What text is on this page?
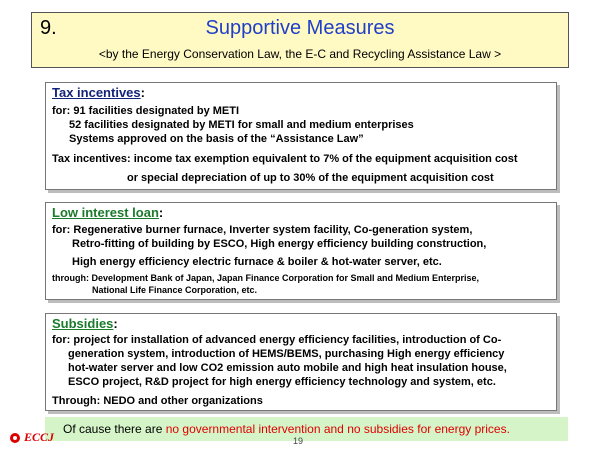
9.	Supportive Measures
<by the Energy Conservation Law, the E-C and Recycling Assistance Law >
Tax incentives:
for: 91 facilities designated by METI
52 facilities designated by METI for small and medium enterprises
Systems approved on the basis of the “Assistance Law”
Tax incentives: income tax exemption equivalent to 7% of the equipment acquisition cost
or special depreciation of up to 30% of the equipment acquisition cost
Low interest loan:
for: Regenerative burner furnace, Inverter system facility, Co-generation system,
Retro-fitting of building by ESCO, High energy efficiency building construction,
High energy efficiency electric furnace & boiler & hot-water server, etc.
through: Development Bank of Japan, Japan Finance Corporation for Small and Medium Enterprise,
National Life Finance Corporation, etc.
Subsidies:
for: project for installation of advanced energy efficiency facilities, introduction of Co-
generation system, introduction of HEMS/BEMS, purchasing High energy efficiency
hot-water server and low CO2 emission auto mobile and high heat insulation house,
ESCO project, R&D project for high energy efficiency technology and system, etc.
Through: NEDO and other organizations
Of cause there are no governmental intervention and no subsidies for energy prices.
ECCJ	19
